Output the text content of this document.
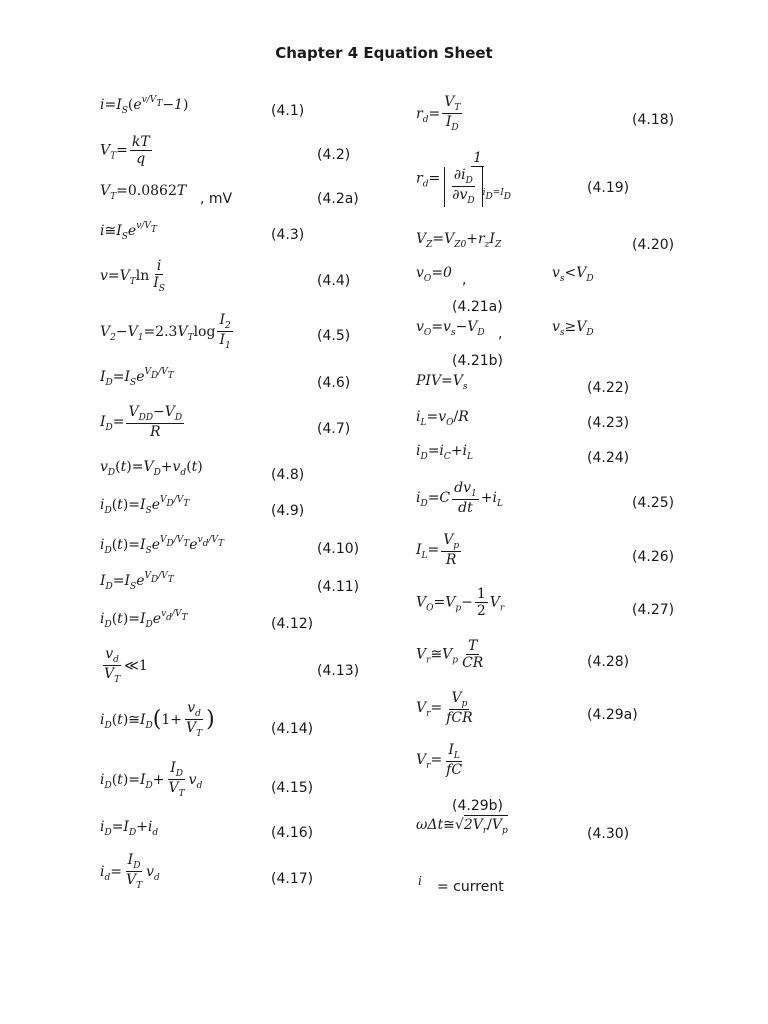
Chapter 4 Equation Sheet
$i=I_S(e^{v/V_T}-1)$	(4.1)
$V_T= \frac{kT}{q}$	(4.2)
$V_T=0.0862T$ , mV	(4.2a)
$i≅I_Se^{v/V_T}$	(4.3)
$v=V_T\ln \frac{i}{I_S}$	(4.4)
$V_2-V_1=2.3V_T\log \frac{I_2}{I_1}$	(4.5)
$I_D=I_Se^{V_D/V_T}$	(4.6)
$I_D= \frac{V_{DD}-V_D}{R}$	(4.7)
$v_D(t)=V_D+v_d(t)$	(4.8)
$i_D(t)=I_Se^{V_D/V_T}$	(4.9)
$i_D(t)=I_Se^{V_D/V_T}e^{v_d/V_T}$	(4.10)
$I_D=I_Se^{V_D/V_T}$	(4.11)
$i_D(t)=I_De^{v_d/V_T}$	(4.12)
$\frac{v_d}{V_T}$ ≪1	(4.13)
$i_D(t)≅I_D(1+ \frac{v_d}{V_T}$ )	(4.14)
$i_D(t)=I_D+ \frac{I_D}{V_T} v_d$	(4.15)
$i_D=I_D+i_d$	(4.16)
$i_d= \frac{I_D}{V_T} v_d$	(4.17)
$r_d= \frac{V_T}{I_D}$	(4.18)
$r_d= \frac{1}{\frac{\partial i_D}{\partial v_D} _{i_D=I_D}}$	(4.19)
$V_Z=V_{Z0}+r_zI_Z$	(4.20)
$v_O=0$ ,	$v_s<V_D$
(4.21a)
$v_O=v_s-V_D$ ,	$v_s\ge V_D$
(4.21b)
$PIV=V_s$	(4.22)
$i_L=v_O/R$	(4.23)
$i_D=i_C+i_L$	(4.24)
$i_D=C \frac{dv_1}{dt} +i_L$	(4.25)
$I_L= \frac{V_p}{R}$	(4.26)
$V_O=V_p- \frac{1}{2} V_r$	(4.27)
$V_r≅V_p \frac{T}{CR}$	(4.28)
$V_r= \frac{V_p}{\text{fCR}}$	(4.29a)
$V_r= \frac{I_L}{fC}$
(4.29b)
$\omega\Delta t≅√2V_r/V_p$	(4.30)
i = current
